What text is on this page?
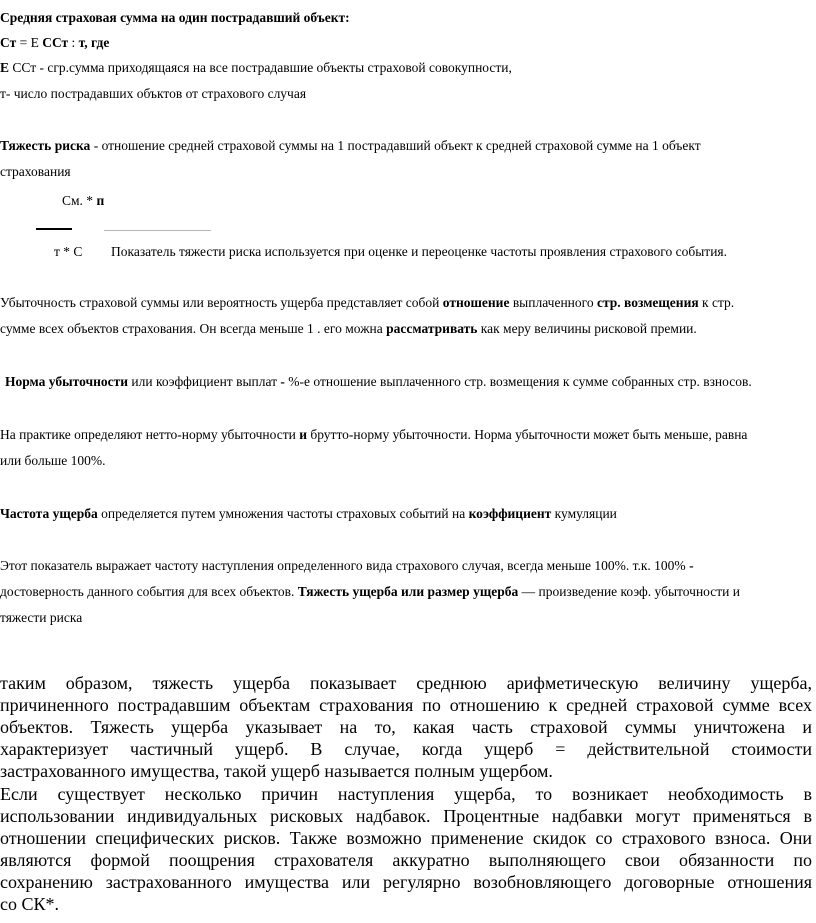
Средняя страховая сумма на один пострадавший объект:
Ст = Е ССт : т, где
Е ССт - сгр.сумма приходящаяся на все пострадавшие объекты страховой совокупности,
т- число пострадавших объктов от страхового случая
Тяжесть риска - отношение средней страховой суммы на 1 пострадавший объект к средней страховой сумме на 1 объект
страхования
См. * п
т * С Показатель тяжести риска используется при оценке и переоценке частоты проявления страхового события.
Убыточность страховой суммы или вероятность ущерба представляет собой отношение выплаченного стр. возмещения к стр.
сумме всех объектов страхования. Он всегда меньше 1 . его можна рассматривать как меру величины рисковой премии.
Норма убыточности или коэффициент выплат - %-е отношение выплаченного стр. возмещения к сумме собранных стр. взносов.
На практике определяют нетто-норму убыточности и брутто-норму убыточности. Норма убыточности может быть меньше, равна
или больше 100%.
Частота ущерба определяется путем умножения частоты страховых событий на коэффициент кумуляции
Этот показатель выражает частоту наступления определенного вида страхового случая, всегда меньше 100%. т.к. 100% -
достоверность данного события для всех объектов. Тяжесть ущерба или размер ущерба — произведение коэф. убыточности и
тяжести риска
таким образом, тяжесть ущерба показывает среднюю арифметическую величину ущерба,
причиненного пострадавшим объектам страхования по отношению к средней страховой сумме всех
объектов. Тяжесть ущерба указывает на то, какая часть страховой суммы уничтожена и
характеризует частичный ущерб. В случае, когда ущерб = действительной стоимости
застрахованного имущества, такой ущерб называется полным ущербом.
Если существует несколько причин наступления ущерба, то возникает необходимость в
использовании индивидуальных рисковых надбавок. Процентные надбавки могут применяться в
отношении специфических рисков. Также возможно применение скидок со страхового взноса. Они
являются формой поощрения страхователя аккуратно выполняющего свои обязанности по
сохранению застрахованного имущества или регулярно возобновляющего договорные отношения
со СК*.
